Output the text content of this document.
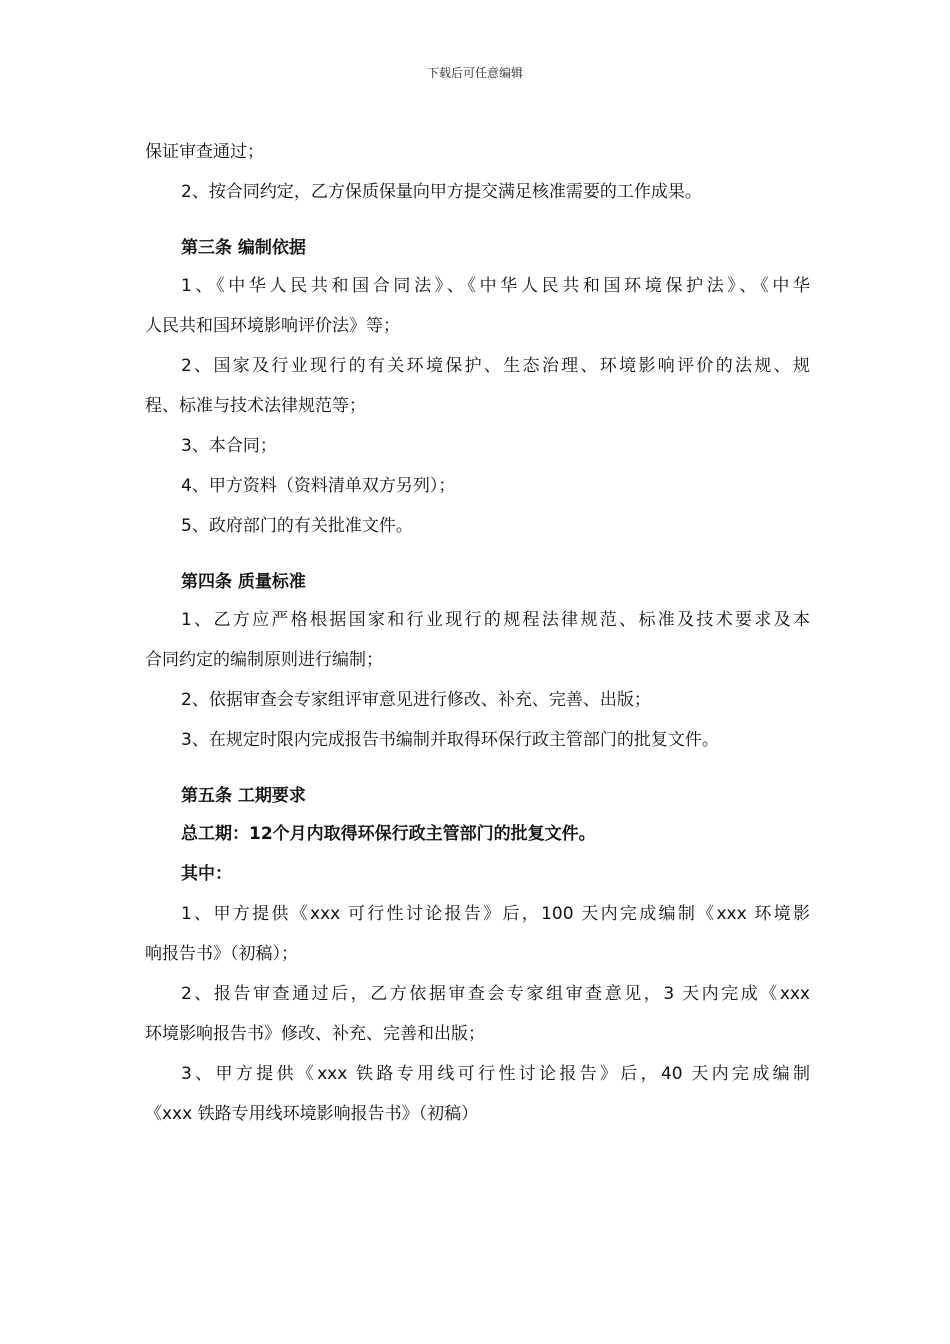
下载后可任意编辑
保证审查通过；
2、按合同约定，乙方保质保量向甲方提交满足核准需要的工作成果。
第三条 编制依据
1、《中华人民共和国合同法》、《中华人民共和国环境保护法》、《中华
人民共和国环境影响评价法》等；
2、国家及行业现行的有关环境保护、生态治理、环境影响评价的法规、规
程、标准与技术法律规范等；
3、本合同；
4、甲方资料（资料清单双方另列）；
5、政府部门的有关批准文件。
第四条 质量标准
1、乙方应严格根据国家和行业现行的规程法律规范、标准及技术要求及本
合同约定的编制原则进行编制；
2、依据审查会专家组评审意见进行修改、补充、完善、出版；
3、在规定时限内完成报告书编制并取得环保行政主管部门的批复文件。
第五条 工期要求
总工期：12个月内取得环保行政主管部门的批复文件。
其中：
1、甲方提供《xxx 可行性讨论报告》后，100 天内完成编制《xxx 环境影
响报告书》（初稿）；
2、报告审查通过后，乙方依据审查会专家组审查意见，3 天内完成《xxx
环境影响报告书》修改、补充、完善和出版；
3、甲方提供《xxx 铁路专用线可行性讨论报告》后，40 天内完成编制
《xxx 铁路专用线环境影响报告书》（初稿）
